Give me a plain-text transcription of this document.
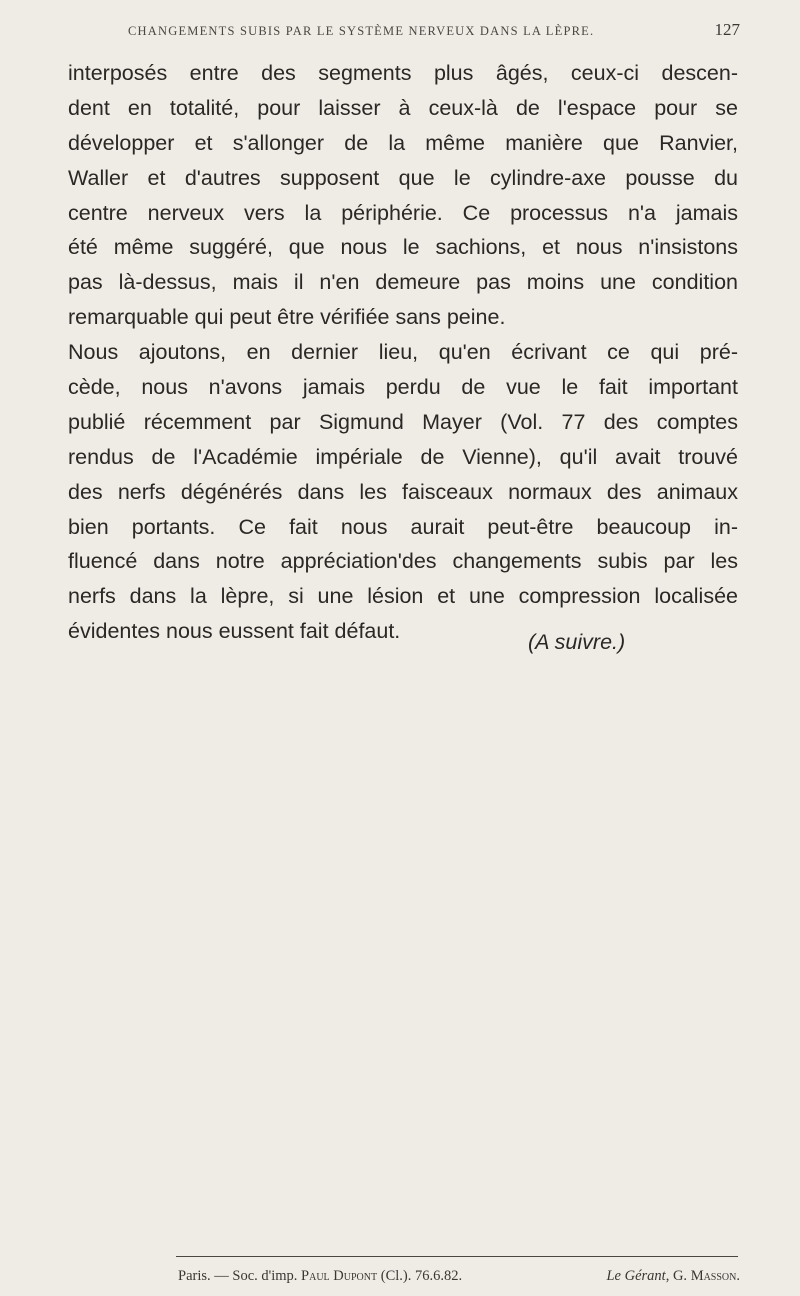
CHANGEMENTS SUBIS PAR LE SYSTÈME NERVEUX DANS LA LÈPRE.	127
interposés entre des segments plus âgés, ceux-ci descen-
dent en totalité, pour laisser à ceux-là de l'espace pour se
développer et s'allonger de la même manière que Ranvier,
Waller et d'autres supposent que le cylindre-axe pousse du
centre nerveux vers la périphérie. Ce processus n'a jamais
été même suggéré, que nous le sachions, et nous n'insistons
pas là-dessus, mais il n'en demeure pas moins une condition
remarquable qui peut être vérifiée sans peine.
Nous ajoutons, en dernier lieu, qu'en écrivant ce qui pré-
cède, nous n'avons jamais perdu de vue le fait important
publié récemment par Sigmund Mayer (Vol. 77 des comptes
rendus de l'Académie impériale de Vienne), qu'il avait trouvé
des nerfs dégénérés dans les faisceaux normaux des animaux
bien portants. Ce fait nous aurait peut-être beaucoup in-
fluencé dans notre appréciation'des changements subis par les
nerfs dans la lèpre, si une lésion et une compression localisée
évidentes nous eussent fait défaut.	(A suivre.)
Paris. — Soc. d'imp. Paul Dupont (Cl.). 76.6.82.	Le Gérant, G. Masson.
